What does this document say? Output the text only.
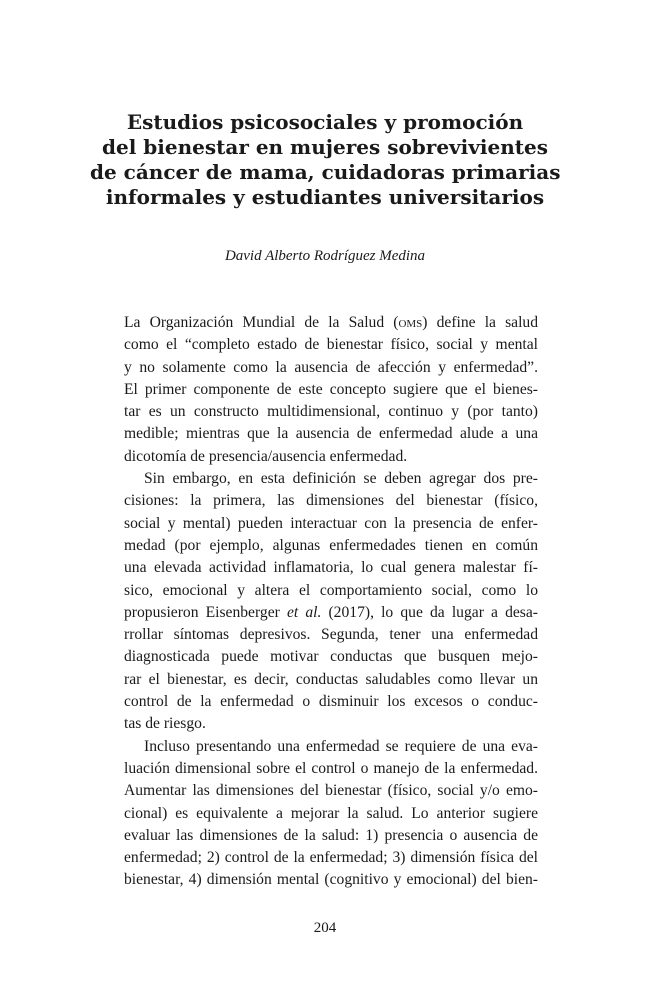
Estudios psicosociales y promoción
del bienestar en mujeres sobrevivientes
de cáncer de mama, cuidadoras primarias
informales y estudiantes universitarios
David Alberto Rodríguez Medina
La Organización Mundial de la Salud (oms) define la salud
como el “completo estado de bienestar físico, social y mental
y no solamente como la ausencia de afección y enfermedad”.
El primer componente de este concepto sugiere que el bienes-
tar es un constructo multidimensional, continuo y (por tanto)
medible; mientras que la ausencia de enfermedad alude a una
dicotomía de presencia/ausencia enfermedad.
Sin embargo, en esta definición se deben agregar dos pre-
cisiones: la primera, las dimensiones del bienestar (físico,
social y mental) pueden interactuar con la presencia de enfer-
medad (por ejemplo, algunas enfermedades tienen en común
una elevada actividad inflamatoria, lo cual genera malestar fí-
sico, emocional y altera el comportamiento social, como lo
propusieron Eisenberger et al. (2017), lo que da lugar a desa-
rrollar síntomas depresivos. Segunda, tener una enfermedad
diagnosticada puede motivar conductas que busquen mejo-
rar el bienestar, es decir, conductas saludables como llevar un
control de la enfermedad o disminuir los excesos o conduc-
tas de riesgo.
Incluso presentando una enfermedad se requiere de una eva-
luación dimensional sobre el control o manejo de la enfermedad.
Aumentar las dimensiones del bienestar (físico, social y/o emo-
cional) es equivalente a mejorar la salud. Lo anterior sugiere
evaluar las dimensiones de la salud: 1) presencia o ausencia de
enfermedad; 2) control de la enfermedad; 3) dimensión física del
bienestar, 4) dimensión mental (cognitivo y emocional) del bien-
204
